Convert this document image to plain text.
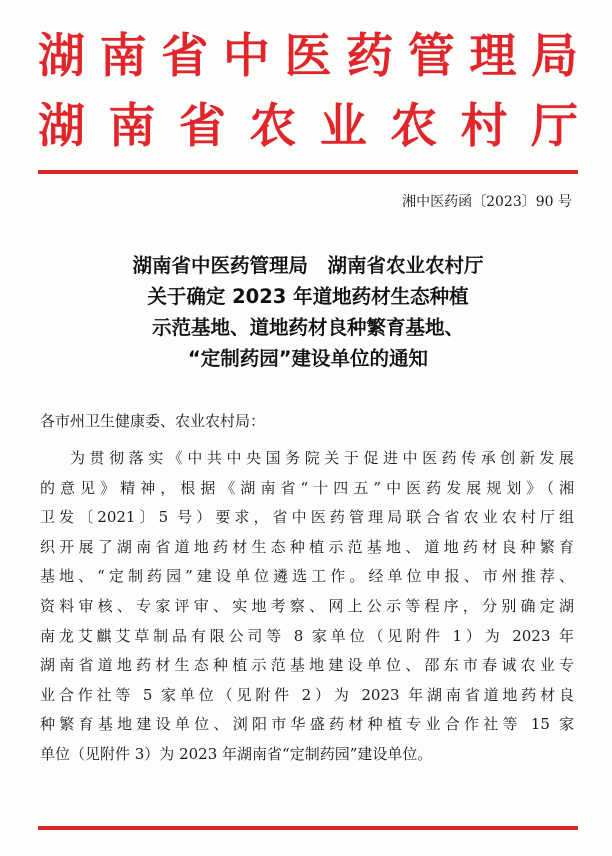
湖 南 省 中 医 药 管 理 局
湖 南 省 农 业 农 村 厅
湘中医药函〔2023〕90 号
湖南省中医药管理局　湖南省农业农村厅
关于确定 2023 年道地药材生态种植
示范基地、道地药材良种繁育基地、
“定制药园”建设单位的通知
各市州卫生健康委、农业农村局：
为贯彻落实《中共中央国务院关于促进中医药传承创新发展
的意见》精神，根据《湖南省“十四五”中医药发展规划》（湘
卫发〔2021〕5 号）要求，省中医药管理局联合省农业农村厅组
织开展了湖南省道地药材生态种植示范基地、道地药材良种繁育
基地、“定制药园”建设单位遴选工作。经单位申报、市州推荐、
资料审核、专家评审、实地考察、网上公示等程序，分别确定湖
南龙艾麒艾草制品有限公司等 8 家单位（见附件 1）为 2023 年
湖南省道地药材生态种植示范基地建设单位、邵东市春诚农业专
业合作社等 5 家单位（见附件 2）为 2023 年湖南省道地药材良
种繁育基地建设单位、浏阳市华盛药材种植专业合作社等 15 家
单位（见附件 3）为 2023 年湖南省“定制药园”建设单位。
